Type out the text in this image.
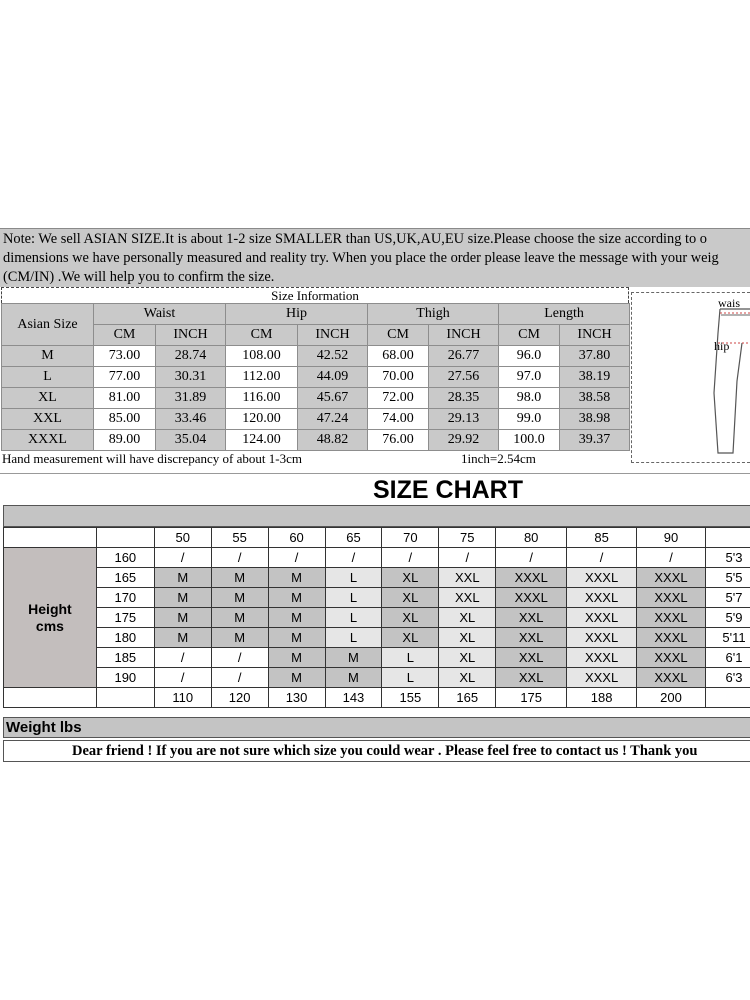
Note: We sell ASIAN SIZE.It is about 1-2 size SMALLER than US,UK,AU,EU size.Please choose the size according to o
dimensions we have personally measured and reality try. When you place the order please leave the message with your weig
(CM/IN) .We will help you to confirm the size.
Size Information
Asian Size	Waist		Hip		Thigh		Length	
	CM	INCH	CM	INCH	CM	INCH	CM	INCH
M	73.00	28.74	108.00	42.52	68.00	26.77	96.0	37.80
L	77.00	30.31	112.00	44.09	70.00	27.56	97.0	38.19
XL	81.00	31.89	116.00	45.67	72.00	28.35	98.0	38.58
XXL	85.00	33.46	120.00	47.24	74.00	29.13	99.0	38.98
XXXL	89.00	35.04	124.00	48.82	76.00	29.92	100.0	39.37
Hand measurement will have discrepancy of about 1-3cm	1inch=2.54cm
wais
hip
SIZE CHART
		50	55	60	65	70	75	80	85	90	

Height
cms	160	/	/	/	/	/	/	/	/	/	5'3
	165	M	M	M	L	XL	XXL	XXXL	XXXL	XXXL	5'5
	170	M	M	M	L	XL	XXL	XXXL	XXXL	XXXL	5'7
	175	M	M	M	L	XL	XL	XXL	XXXL	XXXL	5'9
	180	M	M	M	L	XL	XL	XXL	XXXL	XXXL	5'11
	185	/	/	M	M	L	XL	XXL	XXXL	XXXL	6'1
	190	/	/	M	M	L	XL	XXL	XXXL	XXXL	6'3
		110	120	130	143	155	165	175	188	200	
Weight lbs
Dear friend ! If you are not sure which size you could wear . Please feel free to contact us ! Thank you
